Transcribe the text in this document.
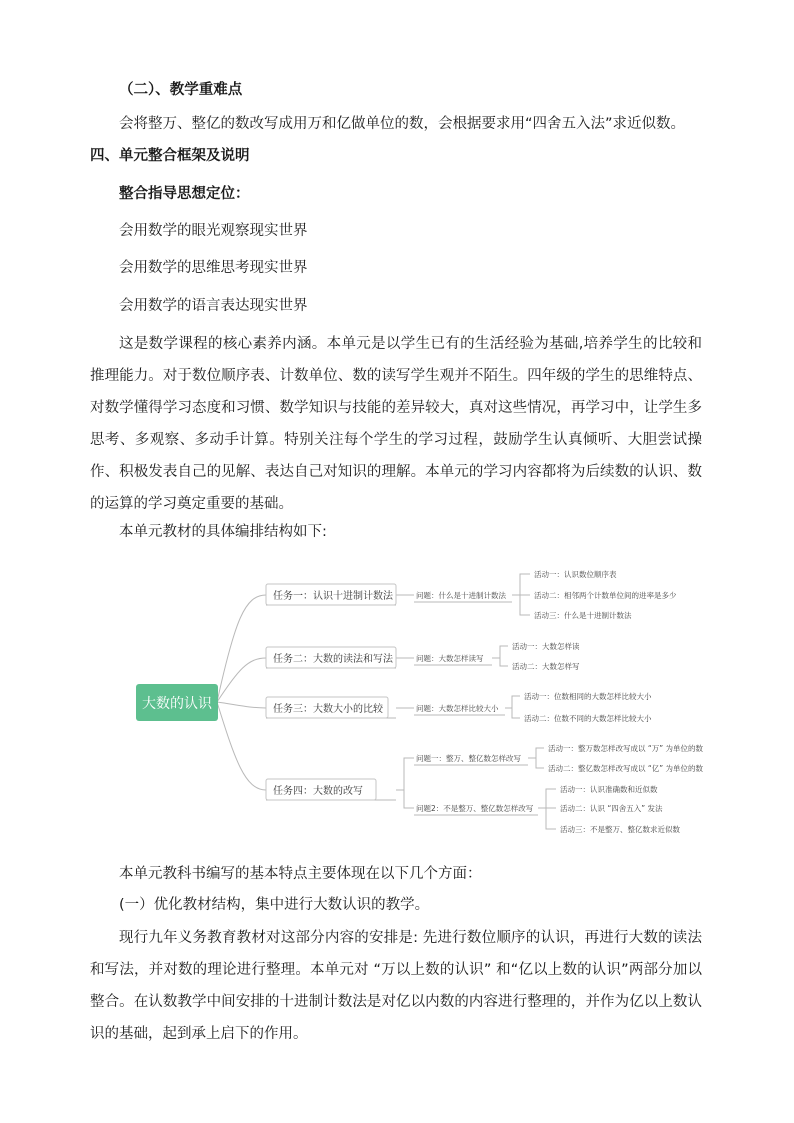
（二）、教学重难点
会将整万、整亿的数改写成用万和亿做单位的数，会根据要求用“四舍五入法”求近似数。
四、单元整合框架及说明
整合指导思想定位：
会用数学的眼光观察现实世界
会用数学的思维思考现实世界
会用数学的语言表达现实世界

这是数学课程的核心素养内涵。本单元是以学生已有的生活经验为基础,培养学生的比较和推理能力。对于数位顺序表、计数单位、数的读写学生观并不陌生。四年级的学生的思维特点、对数学懂得学习态度和习惯、数学知识与技能的差异较大，真对这些情况，再学习中，让学生多思考、多观察、多动手计算。特别关注每个学生的学习过程，鼓励学生认真倾听、大胆尝试操作、积极发表自己的见解、表达自己对知识的理解。本单元的学习内容都将为后续数的认识、数的运算的学习奠定重要的基础。

本单元教材的具体编排结构如下:
大数的认识
任务一：认识十进制计数法
任务二：大数的读法和写法
任务三：大数大小的比较
任务四：大数的改写
问题：什么是十进制计数法
问题：大数怎样读写
问题：大数怎样比较大小
问题一：整万、整亿数怎样改写
问题2：不是整万、整亿数怎样改写
活动一：认识数位顺序表
活动二：相邻两个计数单位间的进率是多少
活动三：什么是十进制计数法
活动一：大数怎样读
活动二：大数怎样写
活动一：位数相同的大数怎样比较大小
活动二：位数不同的大数怎样比较大小
活动一：整万数怎样改写成以 “万” 为单位的数
活动二：整亿数怎样改写成以 “亿” 为单位的数
活动一：认识准确数和近似数
活动二：认识 “四舍五入” 发法
活动三：不是整万、整亿数求近似数
本单元教科书编写的基本特点主要体现在以下几个方面：
(一）优化教材结构，集中进行大数认识的教学。

现行九年义务教育教材对这部分内容的安排是: 先进行数位顺序的认识，再进行大数的读法和写法，并对数的理论进行整理。本单元对 “万以上数的认识” 和“亿以上数的认识”两部分加以整合。在认数教学中间安排的十进制计数法是对亿以内数的内容进行整理的，并作为亿以上数认识的基础，起到承上启下的作用。
